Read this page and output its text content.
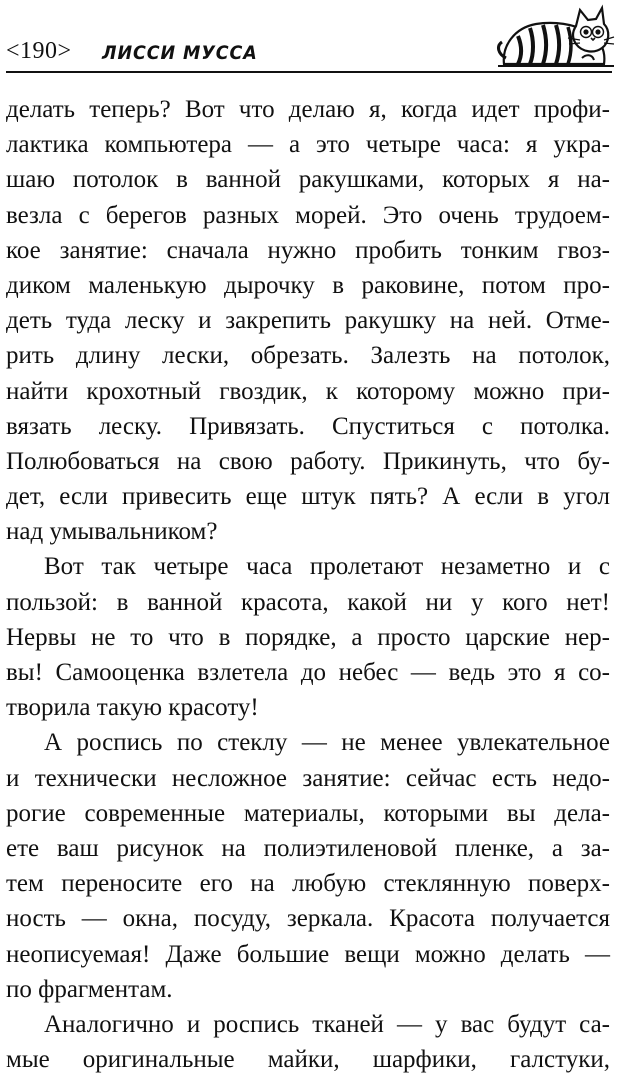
<190> ЛИССИ МУССА
делать теперь? Вот что делаю я, когда идет профи-
лактика компьютера — а это четыре часа: я укра-
шаю потолок в ванной ракушками, которых я на-
везла с берегов разных морей. Это очень трудоем-
кое занятие: сначала нужно пробить тонким гвоз-
диком маленькую дырочку в раковине, потом про-
деть туда леску и закрепить ракушку на ней. Отме-
рить длину лески, обрезать. Залезть на потолок,
найти крохотный гвоздик, к которому можно при-
вязать леску. Привязать. Спуститься с потолка.
Полюбоваться на свою работу. Прикинуть, что бу-
дет, если привесить еще штук пять? А если в угол
над умывальником?
Вот так четыре часа пролетают незаметно и с
пользой: в ванной красота, какой ни у кого нет!
Нервы не то что в порядке, а просто царские нер-
вы! Самооценка взлетела до небес — ведь это я со-
творила такую красоту!
А роспись по стеклу — не менее увлекательное
и технически несложное занятие: сейчас есть недо-
рогие современные материалы, которыми вы дела-
ете ваш рисунок на полиэтиленовой пленке, а за-
тем переносите его на любую стеклянную поверх-
ность — окна, посуду, зеркала. Красота получается
неописуемая! Даже большие вещи можно делать —
по фрагментам.
Аналогично и роспись тканей — у вас будут са-
мые оригинальные майки, шарфики, галстуки,
